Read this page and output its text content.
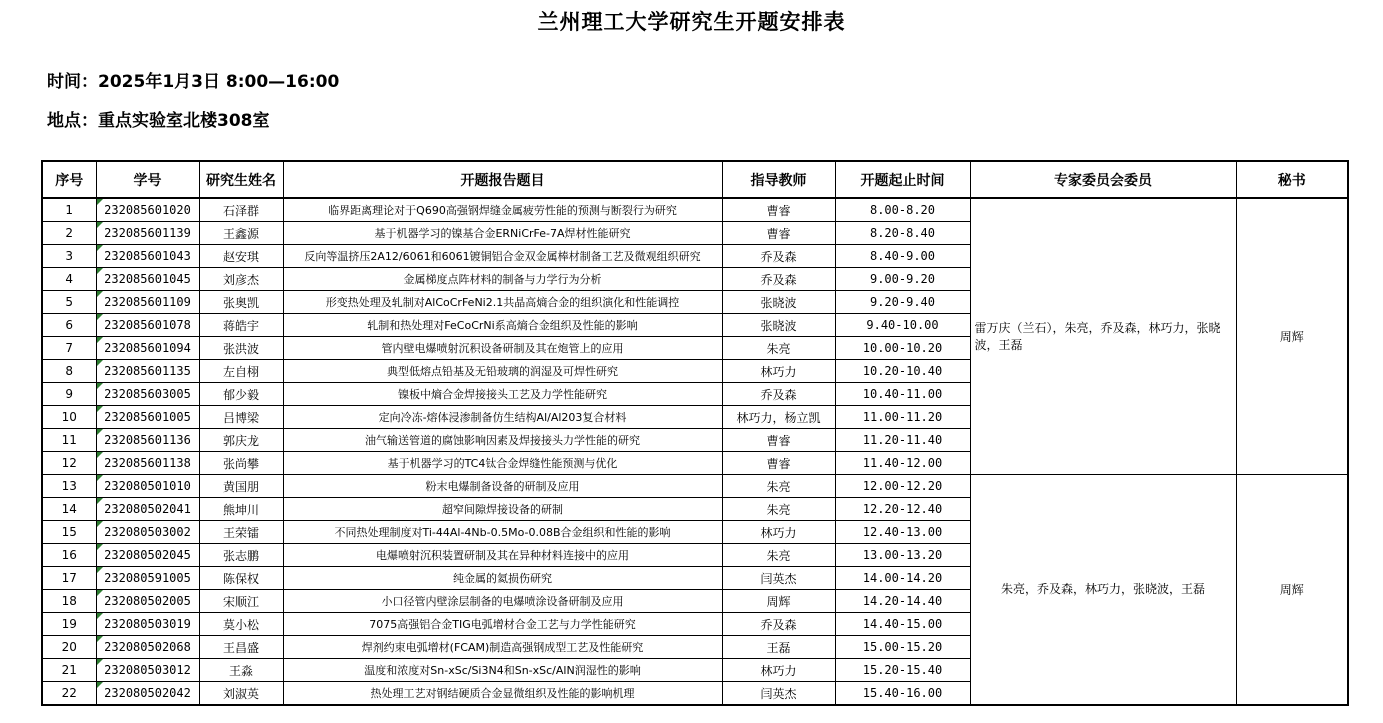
兰州理工大学研究生开题安排表
时间：2025年1月3日 8:00—16:00
地点：重点实验室北楼308室
序号	学号	研究生姓名	开题报告题目	指导教师	开题起止时间	专家委员会委员	秘书
1	232085601020	石泽群	临界距离理论对于Q690高强钢焊缝金属疲劳性能的预测与断裂行为研究	曹睿	8.00-8.20	雷万庆（兰石），朱亮，乔及森，林巧力，张晓波，王磊	周辉
2	232085601139	王鑫源	基于机器学习的镍基合金ERNiCrFe-7A焊材性能研究	曹睿	8.20-8.40		
3	232085601043	赵安琪	反向等温挤压2A12/6061和6061镀铜铝合金双金属棒材制备工艺及微观组织研究	乔及森	8.40-9.00		
4	232085601045	刘彦杰	金属梯度点阵材料的制备与力学行为分析	乔及森	9.00-9.20		
5	232085601109	张奥凯	形变热处理及轧制对AlCoCrFeNi2.1共晶高熵合金的组织演化和性能调控	张晓波	9.20-9.40		
6	232085601078	蒋皓宇	轧制和热处理对FeCoCrNi系高熵合金组织及性能的影响	张晓波	9.40-10.00		
7	232085601094	张洪波	管内壁电爆喷射沉积设备研制及其在炮管上的应用	朱亮	10.00-10.20		
8	232085601135	左自栩	典型低熔点铅基及无铅玻璃的润湿及可焊性研究	林巧力	10.20-10.40		
9	232085603005	郁少毅	镍板中熵合金焊接接头工艺及力学性能研究	乔及森	10.40-11.00		
10	232085601005	吕博梁	定向冷冻-熔体浸渗制备仿生结构Al/Al203复合材料	林巧力，杨立凯	11.00-11.20		
11	232085601136	郭庆龙	油气输送管道的腐蚀影响因素及焊接接头力学性能的研究	曹睿	11.20-11.40		
12	232085601138	张尚攀	基于机器学习的TC4钛合金焊缝性能预测与优化	曹睿	11.40-12.00		
13	232080501010	黄国朋	粉末电爆制备设备的研制及应用	朱亮	12.00-12.20	朱亮，乔及森，林巧力，张晓波，王磊	周辉
14	232080502041	熊坤川	超窄间隙焊接设备的研制	朱亮	12.20-12.40		
15	232080503002	王荣镭	不同热处理制度对Ti-44Al-4Nb-0.5Mo-0.08B合金组织和性能的影响	林巧力	12.40-13.00		
16	232080502045	张志鹏	电爆喷射沉积装置研制及其在异种材料连接中的应用	朱亮	13.00-13.20		
17	232080591005	陈保权	纯金属的氦损伤研究	闫英杰	14.00-14.20		
18	232080502005	宋顺江	小口径管内壁涂层制备的电爆喷涂设备研制及应用	周辉	14.20-14.40		
19	232080503019	莫小松	7075高强铝合金TIG电弧增材合金工艺与力学性能研究	乔及森	14.40-15.00		
20	232080502068	王昌盛	焊剂约束电弧增材(FCAM)制造高强钢成型工艺及性能研究	王磊	15.00-15.20		
21	232080503012	王淼	温度和浓度对Sn-xSc/Si3N4和Sn-xSc/AlN润湿性的影响	林巧力	15.20-15.40		
22	232080502042	刘淑英	热处理工艺对钢结硬质合金显微组织及性能的影响机理	闫英杰	15.40-16.00		
